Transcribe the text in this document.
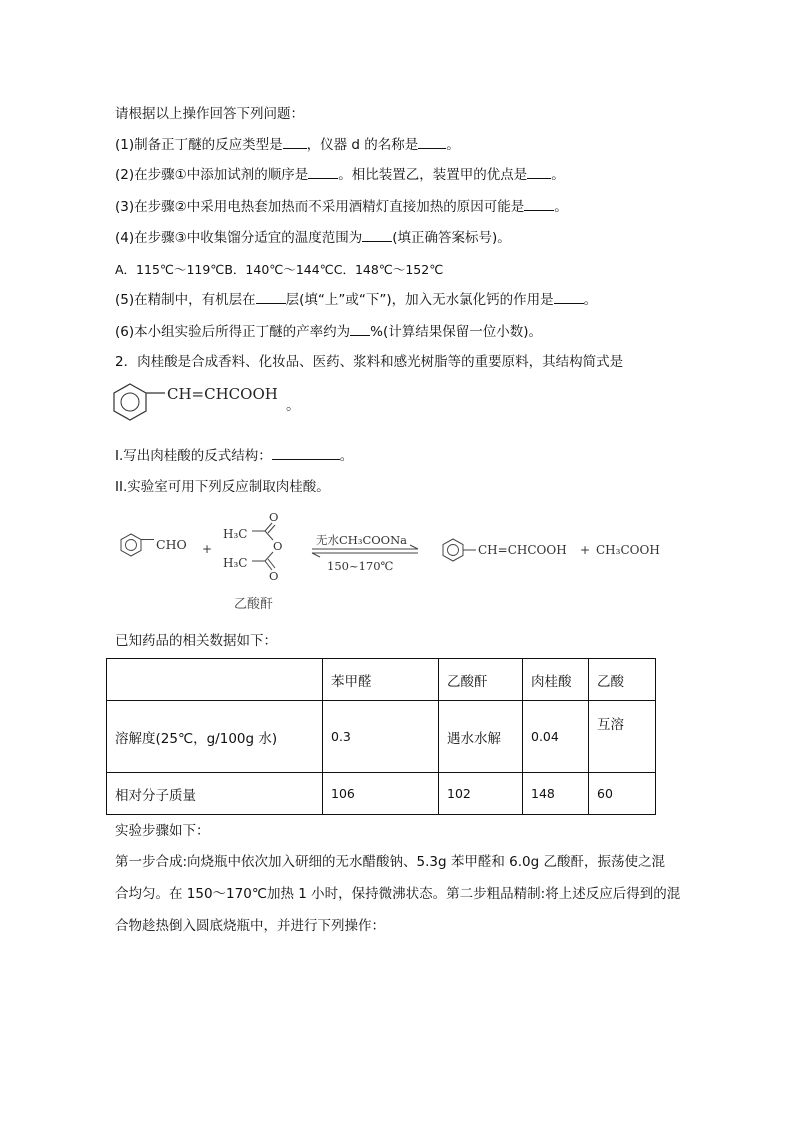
请根据以上操作回答下列问题：
(1)制备正丁醚的反应类型是 ，仪器 d 的名称是 。
(2)在步骤①中添加试剂的顺序是 。相比装置乙，装置甲的优点是 。
(3)在步骤②中采用电热套加热而不采用酒精灯直接加热的原因可能是 。
(4)在步骤③中收集馏分适宜的温度范围为 (填正确答案标号)。
A．115℃～119℃B．140℃～144℃C．148℃～152℃
(5)在精制中，有机层在 层(填“上”或“下”)，加入无水氯化钙的作用是 。
(6)本小组实验后所得正丁醚的产率约为 %(计算结果保留一位小数)。
2．肉桂酸是合成香料、化妆品、医药、浆料和感光树脂等的重要原料，其结构简式是
CH=CHCOOH
。
I.写出肉桂酸的反式结构：	。
II.实验室可用下列反应制取肉桂酸。
CHO +
H₃C
O
O
H₃C
O
乙酸酐
无水CH₃COONa
150~170℃
CH=CHCOOH + CH₃COOH
已知药品的相关数据如下：
	苯甲醛	乙酸酐	肉桂酸	乙酸
溶解度(25℃，g/100g 水)	0.3	遇水水解	0.04	互溶
相对分子质量	106	102	148	60
实验步骤如下：
第一步合成:向烧瓶中依次加入研细的无水醋酸钠、5.3g 苯甲醛和 6.0g 乙酸酐，振荡使之混
合均匀。在 150～170℃加热 1 小时，保持微沸状态。第二步粗品精制:将上述反应后得到的混
合物趁热倒入圆底烧瓶中，并进行下列操作：
